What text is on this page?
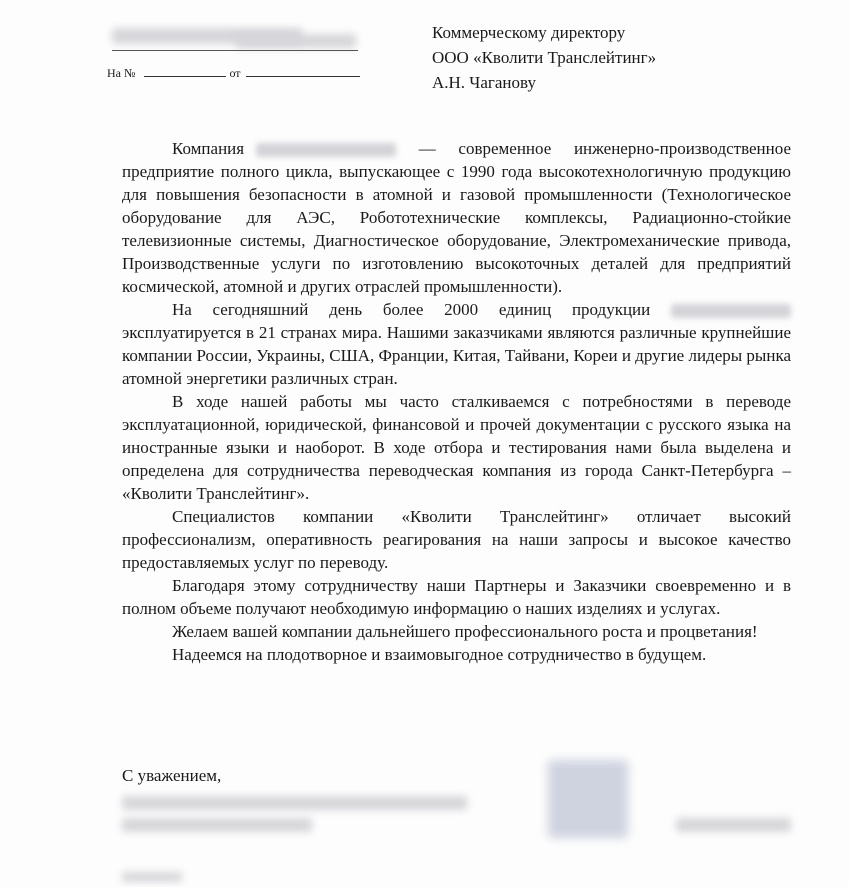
На №	от
Коммерческому директору
ООО «Кволити Транслейтинг»
А.Н. Чаганову

Компания	— современное инженерно-производственное предприятие полного цикла, выпускающее с 1990 года высокотехнологичную продукцию для повышения безопасности в атомной и газовой промышленности (Технологическое оборудование для АЭС, Робототехнические комплексы, Радиационно-стойкие телевизионные системы, Диагностическое оборудование, Электромеханические привода, Производственные услуги по изготовлению высокоточных деталей для предприятий космической, атомной и других отраслей промышленности).

На сегодняшний день более 2000 единиц продукции  эксплуатируется в 21 странах мира. Нашими заказчиками являются различные крупнейшие компании России, Украины, США, Франции, Китая, Тайвани, Кореи и другие лидеры рынка атомной энергетики различных стран.

В ходе нашей работы мы часто сталкиваемся с потребностями в переводе эксплуатационной, юридической, финансовой и прочей документации с русского языка на иностранные языки и наоборот. В ходе отбора и тестирования нами была выделена и определена для сотрудничества переводческая компания из города Санкт-Петербурга – «Кволити Транслейтинг».

Специалистов компании «Кволити Транслейтинг» отличает высокий профессионализм, оперативность реагирования на наши запросы и высокое качество предоставляемых услуг по переводу.

Благодаря этому сотрудничеству наши Партнеры и Заказчики своевременно и в полном объеме получают необходимую информацию о наших изделиях и услугах.

Желаем вашей компании дальнейшего профессионального роста и процветания!

Надеемся на плодотворное и взаимовыгодное сотрудничество в будущем.

С уважением,
